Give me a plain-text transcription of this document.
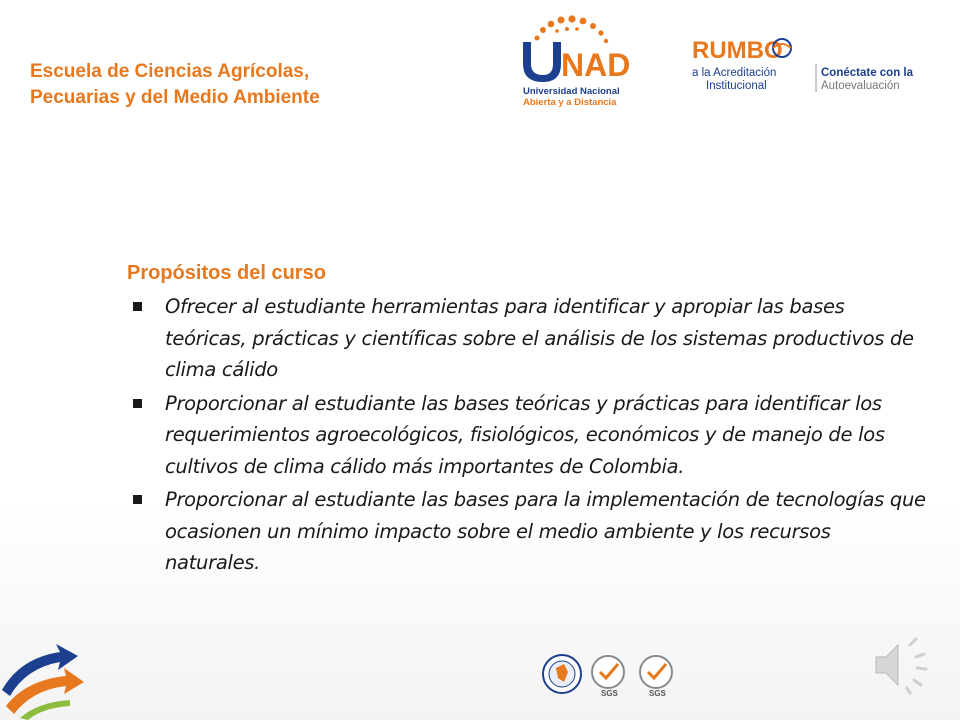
Escuela de Ciencias Agrícolas,
Pecuarias y del Medio Ambiente
NAD
Universidad Nacional
Abierta y a Distancia
RUMBO
a la Acreditación
Institucional
Conéctate con la
Autoevaluación
Propósitos del curso
Ofrecer al estudiante herramientas para identificar y apropiar las bases teóricas, prácticas y científicas sobre el análisis de los sistemas productivos de clima cálido
Proporcionar al estudiante las bases teóricas y prácticas para identificar los requerimientos agroecológicos, fisiológicos, económicos y de manejo de los cultivos de clima cálido más importantes de Colombia.
Proporcionar al estudiante las bases para la implementación de tecnologías que ocasionen un mínimo impacto sobre el medio ambiente y los recursos naturales.
SGS	SGS
